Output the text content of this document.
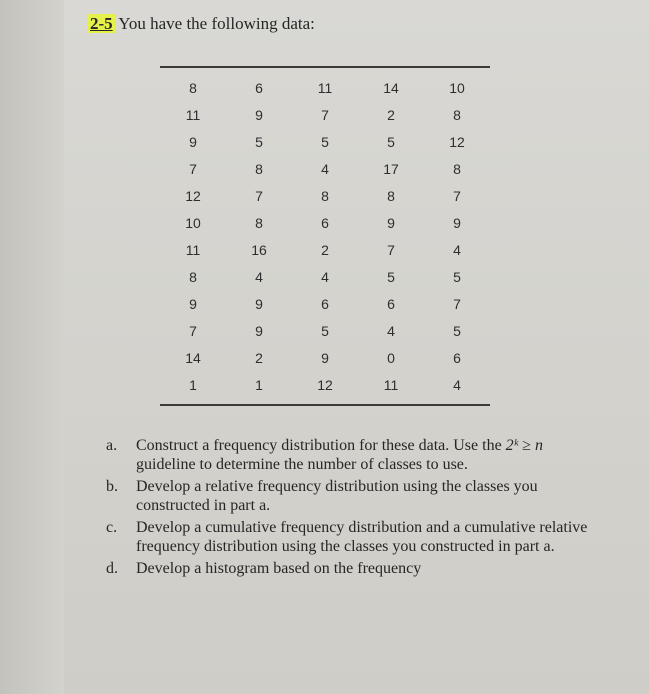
2-5 You have the following data:
8	6	11	14	10
11	9	7	2	8
9	5	5	5	12
7	8	4	17	8
12	7	8	8	7
10	8	6	9	9
11	16	2	7	4
8	4	4	5	5
9	9	6	6	7
7	9	5	4	5
14	2	9	0	6
1	1	12	11	4
a.	Construct a frequency distribution for these data. Use the 2ᵏ ≥ n guideline to determine the number of classes to use.
b.	Develop a relative frequency distribution using the classes you constructed in part a.
c.	Develop a cumulative frequency distribution and a cumulative relative frequency distribution using the classes you constructed in part a.
d.	Develop a histogram based on the frequency
